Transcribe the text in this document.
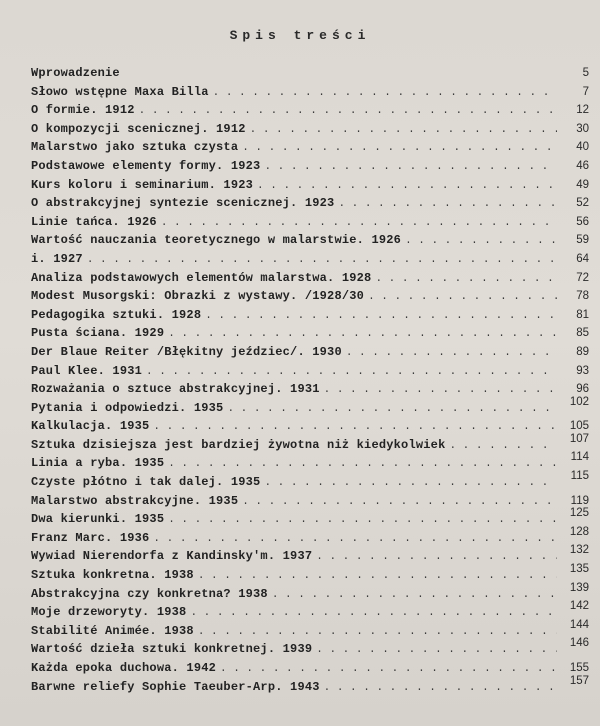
Spis treści
Wprowadzenie	5
Słowo wstępne Maxa Billa . . .	7
O formie. 1912 . . .	12
O kompozycji scenicznej. 1912 . . .	30
Malarstwo jako sztuka czysta . . .	40
Podstawowe elementy formy. 1923 . . .	46
Kurs koloru i seminarium. 1923 . . .	49
O abstrakcyjnej syntezie scenicznej. 1923 . . .	52
Linie tańca. 1926 . . .	56
Wartość nauczania teoretycznego w malarstwie. 1926 . . .	59
i. 1927 . . .	64
Analiza podstawowych elementów malarstwa. 1928 . . .	72
Modest Musorgski: Obrazki z wystawy. /1928/30 . . .	78
Pedagogika sztuki. 1928 . . .	81
Pusta ściana. 1929 . . .	85
Der Blaue Reiter /Błękitny jeździec/. 1930 . . .	89
Paul Klee. 1931 . . .	93
Rozważania o sztuce abstrakcyjnej. 1931 . . .	96
Pytania i odpowiedzi. 1935 . . .	102
Kalkulacja. 1935 . . .	105
Sztuka dzisiejsza jest bardziej żywotna niż kiedykolwiek . . .	107
Linia a ryba. 1935 . . .	114
Czyste płótno i tak dalej. 1935 . . .	115
Malarstwo abstrakcyjne. 1935 . . .	119
Dwa kierunki. 1935 . . .	125
Franz Marc. 1936 . . .	128
Wywiad Nierendorfa z Kandinsky'm. 1937 . . .	132
Sztuka konkretna. 1938 . . .	135
Abstrakcyjna czy konkretna? 1938 . . .	139
Moje drzeworyty. 1938 . . .	142
Stabilité Animée. 1938 . . .	144
Wartość dzieła sztuki konkretnej. 1939 . . .	146
Każda epoka duchowa. 1942 . . .	155
Barwne reliefy Sophie Taeuber-Arp. 1943 . . .	157
